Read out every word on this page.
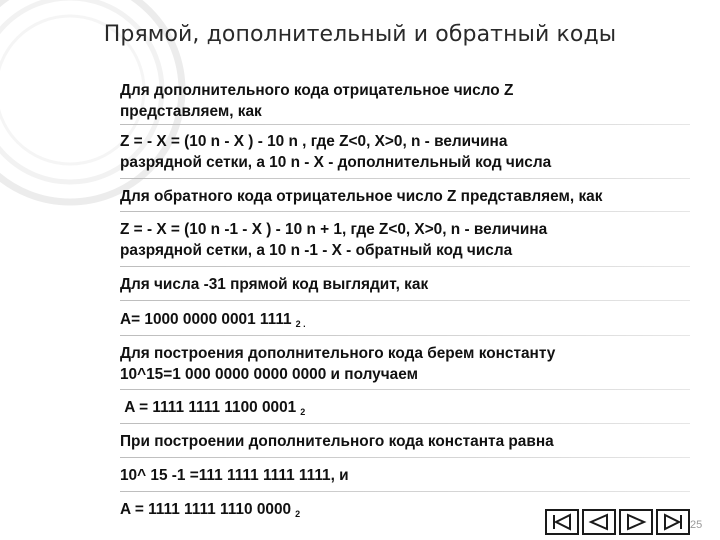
Прямой, дополнительный и обратный коды
Для дополнительного кода отрицательное число Z
представляем, как
Z = - X = (10 n - X ) - 10 n , где Z<0, X>0, n - величина
разрядной сетки, а 10 n - X - дополнительный код числа
Для обратного кода отрицательное число Z представляем, как
Z = - X = (10 n -1 - X ) - 10 n + 1, где Z<0, X>0, n - величина
разрядной сетки, а 10 n -1 - X - обратный код числа
Для числа -31 прямой код выглядит, как
A= 1000 0000 0001 1111 $_{2 .}$
Для построения дополнительного кода берем константу
10^15=1 000 0000 0000 0000 и получаем
A = 1111 1111 1100 0001 $_2$
При построении дополнительного кода константа равна
10^ 15 -1 =111 1111 1111 1111, и
A = 1111 1111 1110 0000 $_2$
25
